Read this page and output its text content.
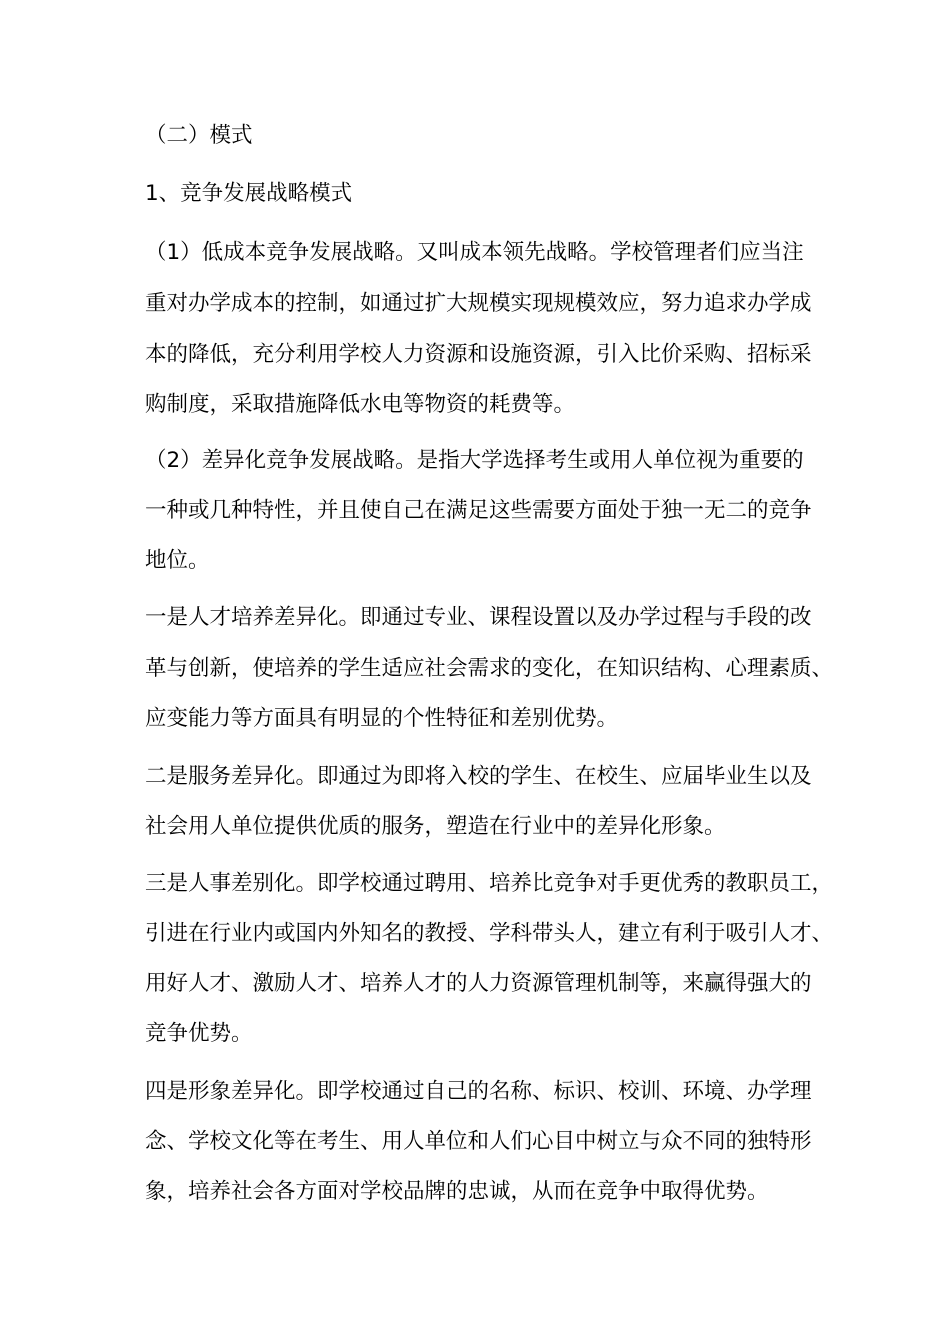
（二）模式
1、竞争发展战略模式
（1）低成本竞争发展战略。又叫成本领先战略。学校管理者们应当注
重对办学成本的控制，如通过扩大规模实现规模效应，努力追求办学成
本的降低，充分利用学校人力资源和设施资源，引入比价采购、招标采
购制度，采取措施降低水电等物资的耗费等。
（2）差异化竞争发展战略。是指大学选择考生或用人单位视为重要的
一种或几种特性，并且使自己在满足这些需要方面处于独一无二的竞争
地位。
一是人才培养差异化。即通过专业、课程设置以及办学过程与手段的改
革与创新，使培养的学生适应社会需求的变化，在知识结构、心理素质、
应变能力等方面具有明显的个性特征和差别优势。
二是服务差异化。即通过为即将入校的学生、在校生、应届毕业生以及
社会用人单位提供优质的服务，塑造在行业中的差异化形象。
三是人事差别化。即学校通过聘用、培养比竞争对手更优秀的教职员工，
引进在行业内或国内外知名的教授、学科带头人，建立有利于吸引人才、
用好人才、激励人才、培养人才的人力资源管理机制等，来赢得强大的
竞争优势。
四是形象差异化。即学校通过自己的名称、标识、校训、环境、办学理
念、学校文化等在考生、用人单位和人们心目中树立与众不同的独特形
象，培养社会各方面对学校品牌的忠诚，从而在竞争中取得优势。
